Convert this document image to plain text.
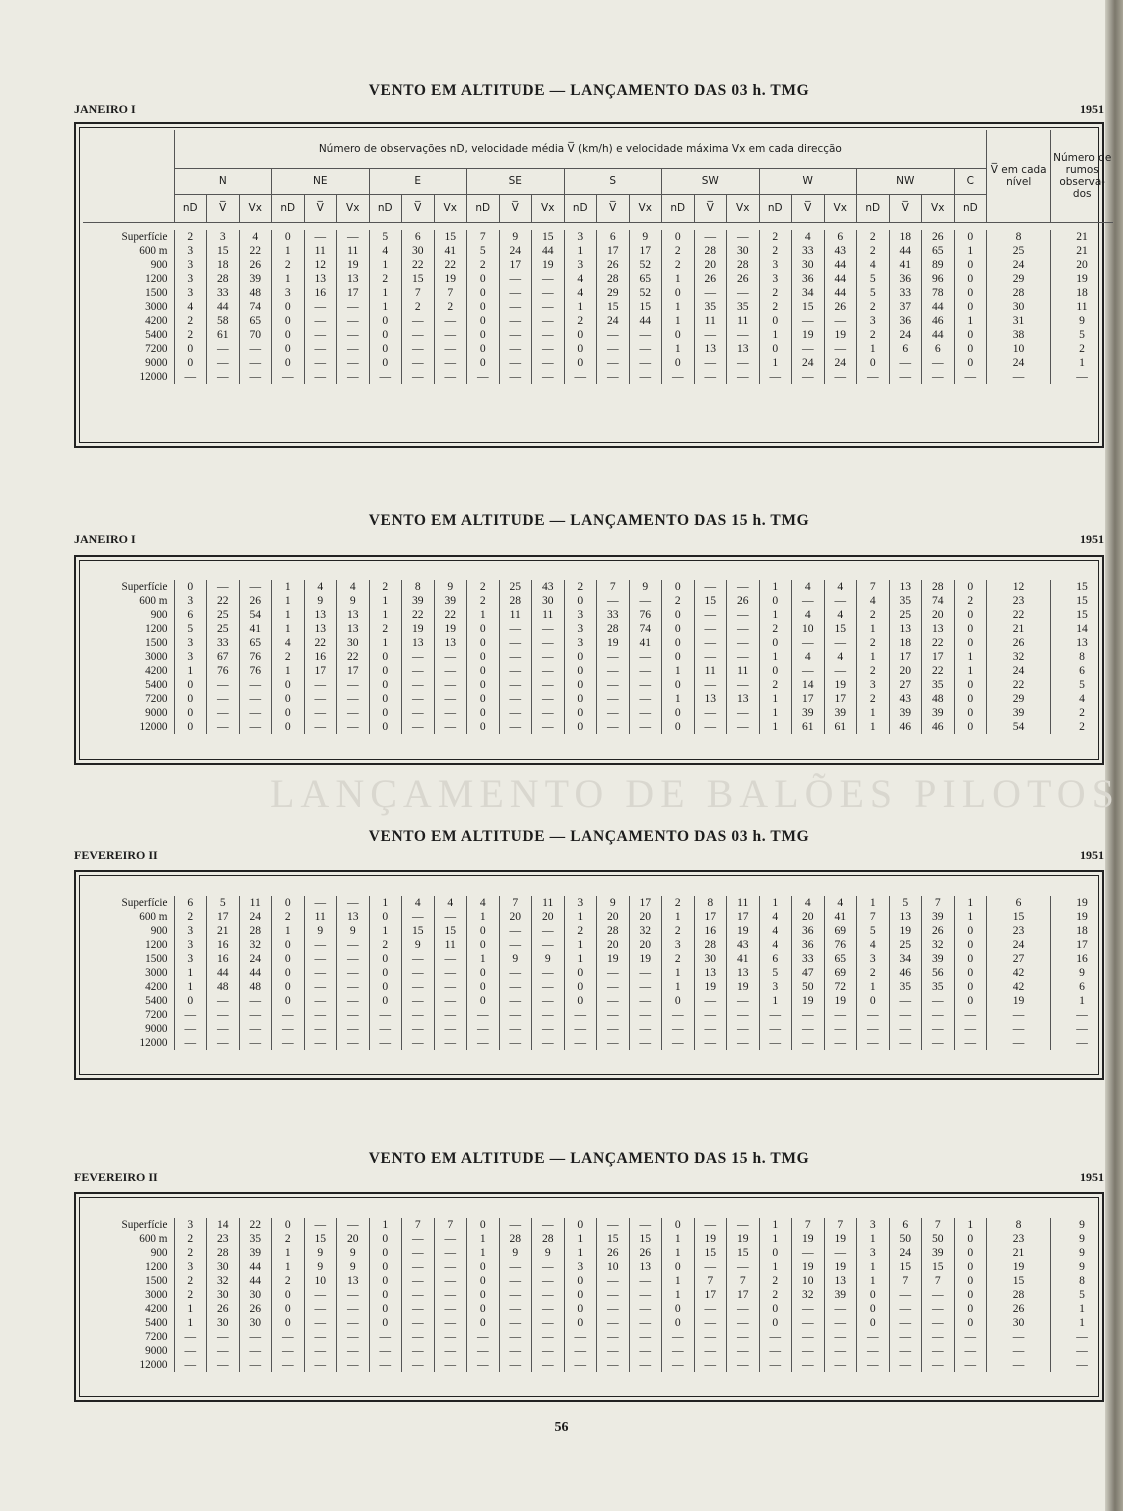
LANÇAMENTO DE BALÕES PILOTOS
VENTO EM ALTITUDE — LANÇAMENTO DAS 03 h. TMG
JANEIRO I	1951
	Número de observações nD, velocidade média V̅ (km/h) e velocidade máxima Vx em cada direcção																									V̅ em cada nível	Número de rumos observa- dos
	N			NE			E			SE			S			SW			W			NW			C		
	nD	V̅	Vx	nD	V̅	Vx	nD	V̅	Vx	nD	V̅	Vx	nD	V̅	Vx	nD	V̅	Vx	nD	V̅	Vx	nD	V̅	Vx	nD		
Superfície	2	3	4	0	—	—	5	6	15	7	9	15	3	6	9	0	—	—	2	4	6	2	18	26	0	8	21
600 m	3	15	22	1	11	11	4	30	41	5	24	44	1	17	17	2	28	30	2	33	43	2	44	65	1	25	21
900	3	18	26	2	12	19	1	22	22	2	17	19	3	26	52	2	20	28	3	30	44	4	41	89	0	24	20
1200	3	28	39	1	13	13	2	15	19	0	—	—	4	28	65	1	26	26	3	36	44	5	36	96	0	29	19
1500	3	33	48	3	16	17	1	7	7	0	—	—	4	29	52	0	—	—	2	34	44	5	33	78	0	28	18
3000	4	44	74	0	—	—	1	2	2	0	—	—	1	15	15	1	35	35	2	15	26	2	37	44	0	30	11
4200	2	58	65	0	—	—	0	—	—	0	—	—	2	24	44	1	11	11	0	—	—	3	36	46	1	31	9
5400	2	61	70	0	—	—	0	—	—	0	—	—	0	—	—	0	—	—	1	19	19	2	24	44	0	38	5
7200	0	—	—	0	—	—	0	—	—	0	—	—	0	—	—	1	13	13	0	—	—	1	6	6	0	10	2
9000	0	—	—	0	—	—	0	—	—	0	—	—	0	—	—	0	—	—	1	24	24	0	—	—	0	24	1
12000	—	—	—	—	—	—	—	—	—	—	—	—	—	—	—	—	—	—	—	—	—	—	—	—	—	—	—
VENTO EM ALTITUDE — LANÇAMENTO DAS 15 h. TMG
JANEIRO I	1951
Superfície	0	—	—	1	4	4	2	8	9	2	25	43	2	7	9	0	—	—	1	4	4	7	13	28	0	12	15
600 m	3	22	26	1	9	9	1	39	39	2	28	30	0	—	—	2	15	26	0	—	—	4	35	74	2	23	15
900	6	25	54	1	13	13	1	22	22	1	11	11	3	33	76	0	—	—	1	4	4	2	25	20	0	22	15
1200	5	25	41	1	13	13	2	19	19	0	—	—	3	28	74	0	—	—	2	10	15	1	13	13	0	21	14
1500	3	33	65	4	22	30	1	13	13	0	—	—	3	19	41	0	—	—	0	—	—	2	18	22	0	26	13
3000	3	67	76	2	16	22	0	—	—	0	—	—	0	—	—	0	—	—	1	4	4	1	17	17	1	32	8
4200	1	76	76	1	17	17	0	—	—	0	—	—	0	—	—	1	11	11	0	—	—	2	20	22	1	24	6
5400	0	—	—	0	—	—	0	—	—	0	—	—	0	—	—	0	—	—	2	14	19	3	27	35	0	22	5
7200	0	—	—	0	—	—	0	—	—	0	—	—	0	—	—	1	13	13	1	17	17	2	43	48	0	29	4
9000	0	—	—	0	—	—	0	—	—	0	—	—	0	—	—	0	—	—	1	39	39	1	39	39	0	39	2
12000	0	—	—	0	—	—	0	—	—	0	—	—	0	—	—	0	—	—	1	61	61	1	46	46	0	54	2
VENTO EM ALTITUDE — LANÇAMENTO DAS 03 h. TMG
FEVEREIRO II	1951
Superfície	6	5	11	0	—	—	1	4	4	4	7	11	3	9	17	2	8	11	1	4	4	1	5	7	1	6	19
600 m	2	17	24	2	11	13	0	—	—	1	20	20	1	20	20	1	17	17	4	20	41	7	13	39	1	15	19
900	3	21	28	1	9	9	1	15	15	0	—	—	2	28	32	2	16	19	4	36	69	5	19	26	0	23	18
1200	3	16	32	0	—	—	2	9	11	0	—	—	1	20	20	3	28	43	4	36	76	4	25	32	0	24	17
1500	3	16	24	0	—	—	0	—	—	1	9	9	1	19	19	2	30	41	6	33	65	3	34	39	0	27	16
3000	1	44	44	0	—	—	0	—	—	0	—	—	0	—	—	1	13	13	5	47	69	2	46	56	0	42	9
4200	1	48	48	0	—	—	0	—	—	0	—	—	0	—	—	1	19	19	3	50	72	1	35	35	0	42	6
5400	0	—	—	0	—	—	0	—	—	0	—	—	0	—	—	0	—	—	1	19	19	0	—	—	0	19	1
7200	—	—	—	—	—	—	—	—	—	—	—	—	—	—	—	—	—	—	—	—	—	—	—	—	—	—	—
9000	—	—	—	—	—	—	—	—	—	—	—	—	—	—	—	—	—	—	—	—	—	—	—	—	—	—	—
12000	—	—	—	—	—	—	—	—	—	—	—	—	—	—	—	—	—	—	—	—	—	—	—	—	—	—	—
VENTO EM ALTITUDE — LANÇAMENTO DAS 15 h. TMG
FEVEREIRO II	1951
Superfície	3	14	22	0	—	—	1	7	7	0	—	—	0	—	—	0	—	—	1	7	7	3	6	7	1	8	9
600 m	2	23	35	2	15	20	0	—	—	1	28	28	1	15	15	1	19	19	1	19	19	1	50	50	0	23	9
900	2	28	39	1	9	9	0	—	—	1	9	9	1	26	26	1	15	15	0	—	—	3	24	39	0	21	9
1200	3	30	44	1	9	9	0	—	—	0	—	—	3	10	13	0	—	—	1	19	19	1	15	15	0	19	9
1500	2	32	44	2	10	13	0	—	—	0	—	—	0	—	—	1	7	7	2	10	13	1	7	7	0	15	8
3000	2	30	30	0	—	—	0	—	—	0	—	—	0	—	—	1	17	17	2	32	39	0	—	—	0	28	5
4200	1	26	26	0	—	—	0	—	—	0	—	—	0	—	—	0	—	—	0	—	—	0	—	—	0	26	1
5400	1	30	30	0	—	—	0	—	—	0	—	—	0	—	—	0	—	—	0	—	—	0	—	—	0	30	1
7200	—	—	—	—	—	—	—	—	—	—	—	—	—	—	—	—	—	—	—	—	—	—	—	—	—	—	—
9000	—	—	—	—	—	—	—	—	—	—	—	—	—	—	—	—	—	—	—	—	—	—	—	—	—	—	—
12000	—	—	—	—	—	—	—	—	—	—	—	—	—	—	—	—	—	—	—	—	—	—	—	—	—	—	—
56
